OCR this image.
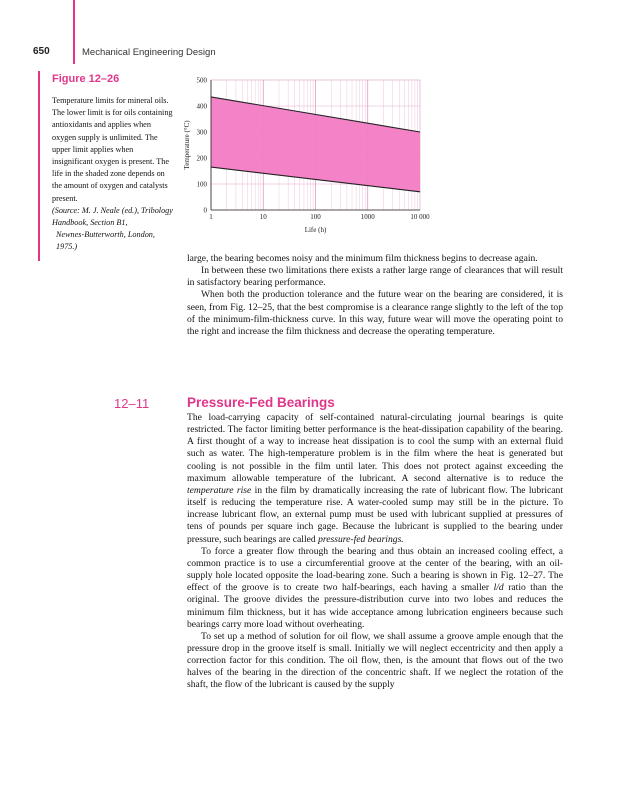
650	Mechanical Engineering Design
Figure 12–26

Temperature limits for mineral oils. The lower limit is for oils containing antioxidants and applies when oxygen supply is unlimited. The upper limit applies when insignificant oxygen is present. The life in the shaded zone depends on the amount of oxygen and catalysts present.

(Source: M. J. Neale (ed.), Tribology Handbook, Section B1,

Newnes-Butterworth, London, 1975.)

0
100
200
300
400
500
1	10	100	1000	10 000
Life (h)
Temperature (°C)

large, the bearing becomes noisy and the minimum film thickness begins to decrease again.

In between these two limitations there exists a rather large range of clearances that will result in satisfactory bearing performance.

When both the production tolerance and the future wear on the bearing are considered, it is seen, from Fig. 12–25, that the best compromise is a clearance range slightly to the left of the top of the minimum-film-thickness curve. In this way, future wear will move the operating point to the right and increase the film thickness and decrease the operating temperature.

12–11	Pressure-Fed Bearings

The load-carrying capacity of self-contained natural-circulating journal bearings is quite restricted. The factor limiting better performance is the heat-dissipation capability of the bearing. A first thought of a way to increase heat dissipation is to cool the sump with an external fluid such as water. The high-temperature problem is in the film where the heat is generated but cooling is not possible in the film until later. This does not protect against exceeding the maximum allowable temperature of the lubricant. A second alternative is to reduce the temperature rise in the film by dramatically increasing the rate of lubricant flow. The lubricant itself is reducing the temperature rise. A water-cooled sump may still be in the picture. To increase lubricant flow, an external pump must be used with lubricant supplied at pressures of tens of pounds per square inch gage. Because the lubricant is supplied to the bearing under pressure, such bearings are called pressure-fed bearings.

To force a greater flow through the bearing and thus obtain an increased cooling effect, a common practice is to use a circumferential groove at the center of the bearing, with an oil-supply hole located opposite the load-bearing zone. Such a bearing is shown in Fig. 12–27. The effect of the groove is to create two half-bearings, each having a smaller l/d ratio than the original. The groove divides the pressure-distribution curve into two lobes and reduces the minimum film thickness, but it has wide acceptance among lubrication engineers because such bearings carry more load without overheating.

To set up a method of solution for oil flow, we shall assume a groove ample enough that the pressure drop in the groove itself is small. Initially we will neglect eccentricity and then apply a correction factor for this condition. The oil flow, then, is the amount that flows out of the two halves of the bearing in the direction of the concentric shaft. If we neglect the rotation of the shaft, the flow of the lubricant is caused by the supply
